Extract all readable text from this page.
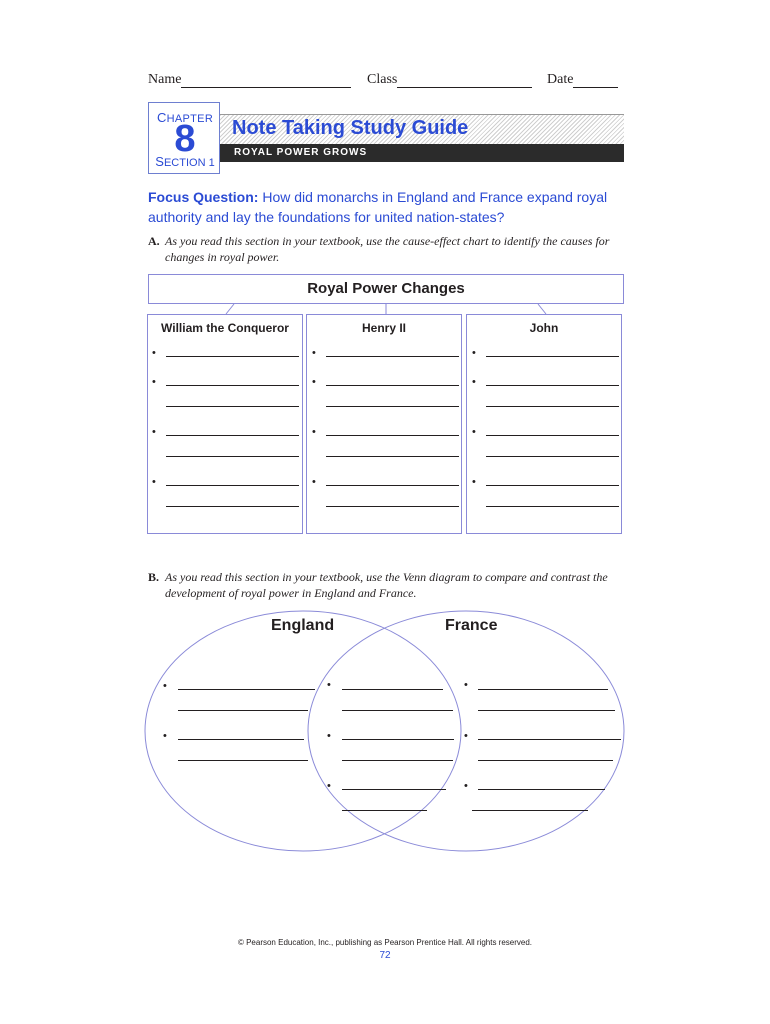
Name	Class	Date
CHAPTER
8
SECTION 1
Note Taking Study Guide
ROYAL POWER GROWS
Focus Question: How did monarchs in England and France expand royal authority and lay the foundations for united nation-states?
A. As you read this section in your textbook, use the cause-effect chart to identify the causes for changes in royal power.
Royal Power Changes
William the Conqueror	Henry II	John
•
•
•
•
•
•
•
•
•
•
•
•
B. As you read this section in your textbook, use the Venn diagram to compare and contrast the development of royal power in England and France.
England	France
•
•
•
•
•
•
•
•
© Pearson Education, Inc., publishing as Pearson Prentice Hall. All rights reserved.
72
